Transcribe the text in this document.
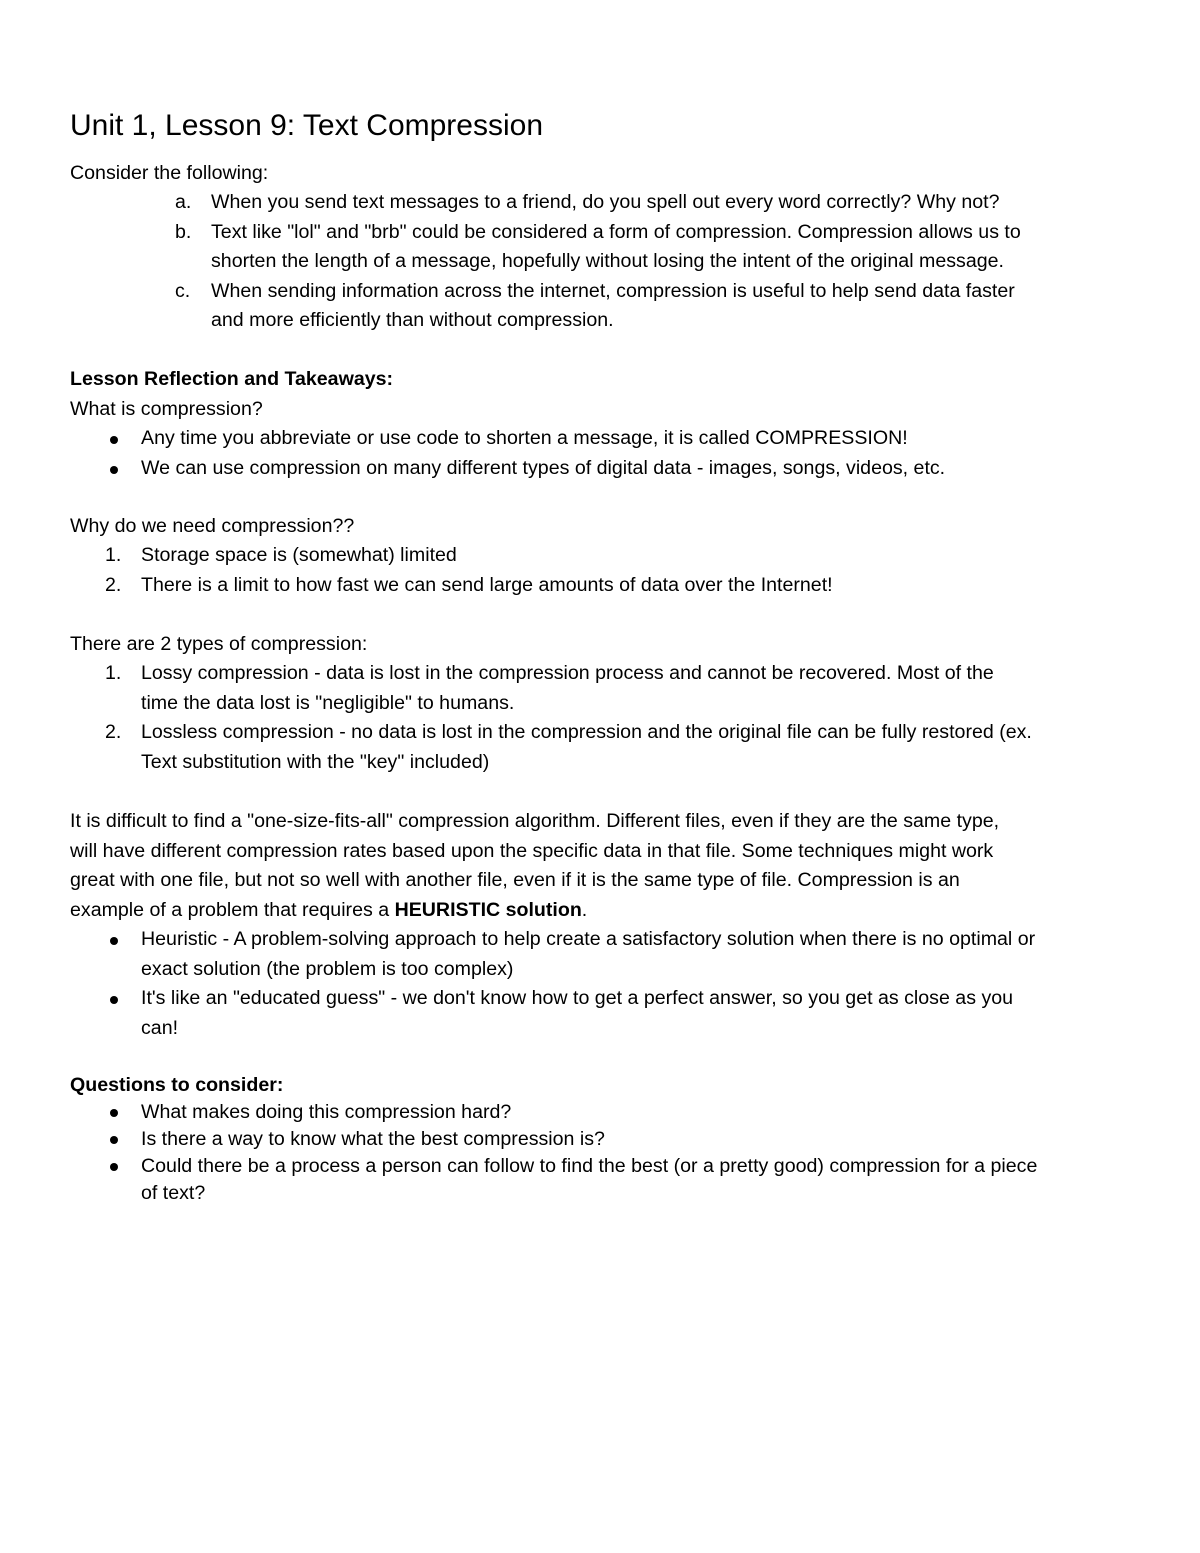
Unit 1, Lesson 9: Text Compression
Consider the following:
a. When you send text messages to a friend, do you spell out every word correctly? Why not?
b. Text like "lol" and "brb" could be considered a form of compression. Compression allows us to
shorten the length of a message, hopefully without losing the intent of the original message.
c. When sending information across the internet, compression is useful to help send data faster
and more efficiently than without compression.
Lesson Reflection and Takeaways:
What is compression?
Any time you abbreviate or use code to shorten a message, it is called COMPRESSION!
We can use compression on many different types of digital data - images, songs, videos, etc.
Why do we need compression??
1. Storage space is (somewhat) limited
2. There is a limit to how fast we can send large amounts of data over the Internet!
There are 2 types of compression:
1. Lossy compression - data is lost in the compression process and cannot be recovered. Most of the
time the data lost is "negligible" to humans.
2. Lossless compression - no data is lost in the compression and the original file can be fully restored (ex.
Text substitution with the "key" included)
It is difficult to find a "one-size-fits-all" compression algorithm. Different files, even if they are the same type,
will have different compression rates based upon the specific data in that file. Some techniques might work
great with one file, but not so well with another file, even if it is the same type of file. Compression is an
example of a problem that requires a HEURISTIC solution.
Heuristic - A problem-solving approach to help create a satisfactory solution when there is no optimal or
exact solution (the problem is too complex)
It's like an "educated guess" - we don't know how to get a perfect answer, so you get as close as you
can!
Questions to consider:
What makes doing this compression hard?
Is there a way to know what the best compression is?
Could there be a process a person can follow to find the best (or a pretty good) compression for a piece
of text?
